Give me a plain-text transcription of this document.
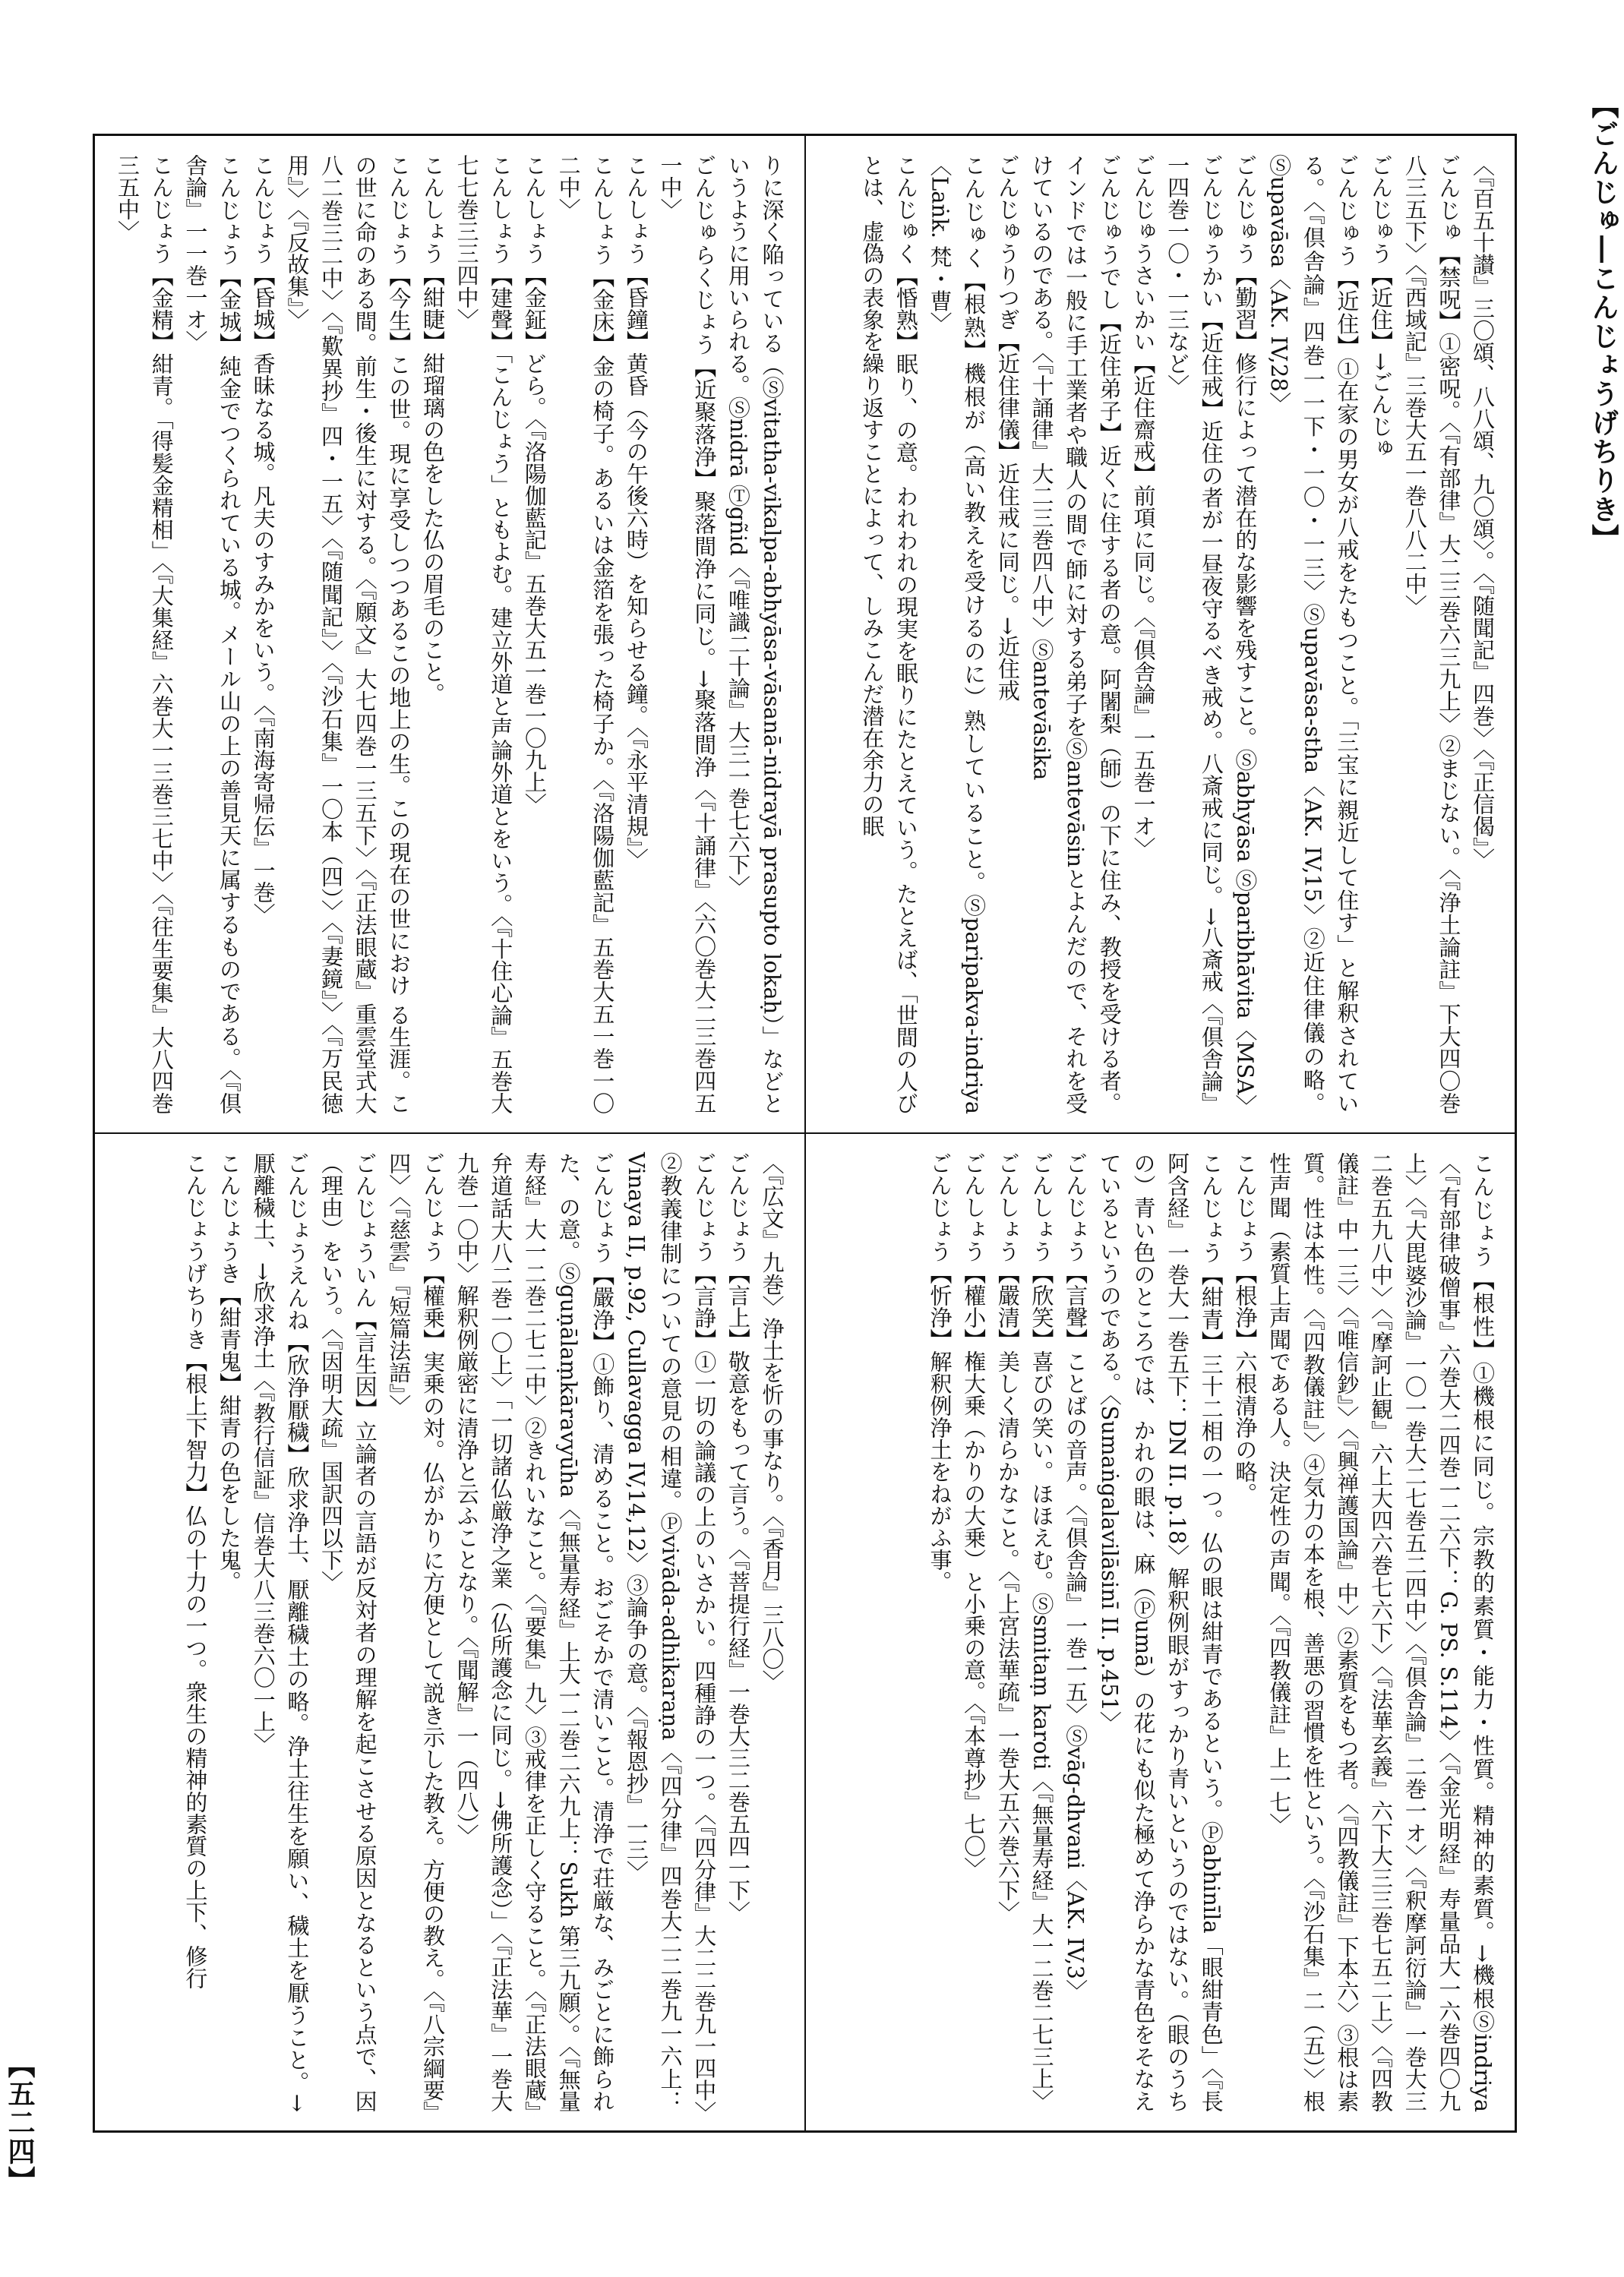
【ごんじゅ―こんじょうげちりき】
【五二四】
〈『百五十讃』三〇頌、八八頌、九〇頌〉。〈『随聞記』四巻〉〈『正信偈』〉
ごんじゅ【禁呪】①密呪。〈『有部律』大二三巻六三九上〉②まじない。〈『浄土論註』下大四〇巻八三五下〉〈『西域記』三巻大五一巻八八二中〉
ごんじゅう【近住】→ごんじゅ
ごんじゅう【近住】①在家の男女が八戒をたもつこと。「三宝に親近して住す」と解釈されている。〈『倶舎論』四巻一一下・一〇・一三〉Ⓢupavāsa-stha〈AK. IV,15〉②近住律儀の略。Ⓢupavāsa〈AK. IV,28〉
ごんじゅう【勤習】修行によって潜在的な影響を残すこと。Ⓢabhyāsa Ⓢparibhāvita〈MSA〉
ごんじゅうかい【近住戒】近住の者が一昼夜守るべき戒め。八斎戒に同じ。→八斎戒〈『倶舎論』一四巻一〇・一三など〉
ごんじゅうさいかい【近住齋戒】前項に同じ。〈『倶舎論』一五巻一オ〉
ごんじゅうでし【近住弟子】近くに住する者の意。阿闍梨（師）の下に住み、教授を受ける者。インドでは一般に手工業者や職人の間で師に対する弟子をⓈantevāsinとよんだので、それを受けているのである。〈『十誦律』大二三巻四八中〉Ⓢantevāsika
ごんじゅうりつぎ【近住律儀】近住戒に同じ。→近住戒
こんじゅく【根熟】機根が（高い教えを受けるのに）熟していること。Ⓢparipakva-indriya〈Laṅk. 梵・曹〉
こんじゅく【惛熟】眠り、の意。われわれの現実を眠りにたとえていう。たとえば、「世間の人びとは、虚偽の表象を繰り返すことによって、しみこんだ潜在余力の眠
りに深く陥っている（Ⓢvitatha-vikalpa-abhyāsa-vāsanā-nidrayā prasupto lokaḥ）」などというように用いられる。Ⓢnidrā Ⓣgñid〈『唯識二十論』大三一巻七六下〉
ごんじゅらくじょう【近聚落浄】聚落間浄に同じ。→聚落間浄〈『十誦律』〈六〇巻大二三巻四五一中〉
こんしょう【昏鐘】黄昏（今の午後六時）を知らせる鐘。〈『永平清規』〉
こんしょう【金床】金の椅子。あるいは金箔を張った椅子か。〈『洛陽伽藍記』五巻大五一巻一〇二中〉
こんしょう【金鉦】どら。〈『洛陽伽藍記』五巻大五一巻一〇九上〉
こんしょう【建聲】「こんじょう」ともよむ。建立外道と声論外道とをいう。〈『十住心論』五巻大七七巻三三四中〉
こんしょう【紺睫】紺瑠璃の色をした仏の眉毛のこと。
こんじょう【今生】この世。現に享受しつつあるこの地上の生。この現在の世におけ る生涯。この世に命のある間。前生・後生に対する。〈『願文』大七四巻一三五下〉〈『正法眼蔵』重雲堂式大八二巻三二中〉〈『歎異抄』四・一五〉〈『随聞記』〉〈『沙石集』一〇本（四）〉〈『妻鏡』〉〈『万民徳用』〉〈『反故集』〉
こんじょう【昏城】香昧なる城。凡夫のすみかをいう。〈『南海寄帰伝』一巻〉
こんじょう【金城】純金でつくられている城。メール山の上の善見天に属するものである。〈『倶舎論』一一巻一オ〉
こんじょう【金精】紺青。「得髪金精相」〈『大集経』六巻大一三巻三七中〉〈『往生要集』大八四巻三五中〉
こんじょう【根性】①機根に同じ。宗教的素質・能力・性質。精神的素質。→機根Ⓢindriya〈『有部律破僧事』六巻大二四巻一二六下：G. PS. S.114〉〈『金光明経』寿量品大一六巻四〇九上〉〈『大毘婆沙論』一〇一巻大二七巻五二四中〉〈『倶舎論』二巻一オ〉〈『釈摩訶衍論』一巻大三二巻五九八中〉〈『摩訶止観』六上大四六巻七六下〉〈『法華玄義』六下大三三巻七五二上〉〈『四教儀註』中一三〉〈『唯信鈔』〉〈『興禅護国論』中〉②素質をもつ者。〈『四教儀註』下本六〉③根は素質。性は本性。〈『四教儀註』〉④気力の本を根、善悪の習慣を性という。〈『沙石集』二（五）〉根性声聞（素質上声聞である人。決定性の声聞。〈『四教儀註』上一七〉
こんじょう【根浄】六根清浄の略。
こんじょう【紺青】三十二相の一つ。仏の眼は紺青であるという。Ⓟabhinīla「眼紺青色」〈『長阿含経』一巻大一巻五下：DN II. p.18〉解釈例眼がすっかり青いというのではない。（眼のうちの）青い色のところでは、かれの眼は、麻（Ⓟumā）の花にも似た極めて浄らかな青色をそなえているというのである。〈Sumaṅgalavilāsinī II. p.451〉
ごんじょう【言聲】ことばの音声。〈『倶舎論』一巻一五〉Ⓢvāg-dhvani〈AK. IV,3〉
ごんしょう【欣笑】喜びの笑い。ほほえむ。Ⓢsmitaṃ karoti〈『無量寿経』大一二巻二七三上〉
ごんしょう【嚴清】美しく清らかなこと。〈『上宮法華疏』一巻大五六巻六下〉
ごんしょう【權小】権大乗（かりの大乗）と小乗の意。〈『本尊抄』七〇〉
ごんじょう【忻浄】解釈例浄土をねがふ事。
〈『広文』九巻〉浄土を忻の事なり。〈『香月』三八〇〉
ごんじょう【言上】敬意をもって言う。〈『菩提行経』一巻大三二巻五四一下〉
ごんじょう【言諍】①一切の論議の上のいさかい。四種諍の一つ。〈『四分律』大二二巻九一四中〉②教義律制についての意見の相違。Ⓟvivāda-adhikaraṇa〈『四分律』四巻大二二巻九一六上：Vinaya II, p.92, Cullavagga IV,14,12〉③論争の意。〈『報恩抄』一三〉
ごんじょう【嚴浄】①飾り、清めること。おごそかで清いこと。清浄で荘厳な、みごとに飾られた、の意。Ⓢguṇālaṃkāravyūha〈『無量寿経』上大一二巻二六九上：Sukh 第三九願〉。〈『無量寿経』大一二巻二七二中〉②きれいなこと。〈『要集』九〉③戒律を正しく守ること。〈『正法眼蔵』弁道話大八二巻一〇上〉「一切諸仏厳浄之業（仏所護念に同じ。→佛所護念）」〈『正法華』一巻大九巻一〇中〉解釈例厳密に清浄と云ふことなり。〈『聞解』一（四八）〉
ごんじょう【權乗】実乗の対。仏がかりに方便として説き示した教え。方便の教え。〈『八宗綱要』四〉〈『慈雲』『短篇法語』〉
ごんじょういん【言生因】立論者の言語が反対者の理解を起こさせる原因となるという点で、因（理由）をいう。〈『因明大疏』国訳四以下〉
ごんじょうえんね【欣浄厭穢】欣求浄土、厭離穢土の略。浄土往生を願い、穢土を厭うこと。→厭離穢土、→欣求浄土〈『教行信証』信巻大八三巻六〇一上〉
こんじょうき【紺青鬼】紺青の色をした鬼。
こんじょうげちりき【根上下智力】仏の十力の一つ。衆生の精神的素質の上下、修行
